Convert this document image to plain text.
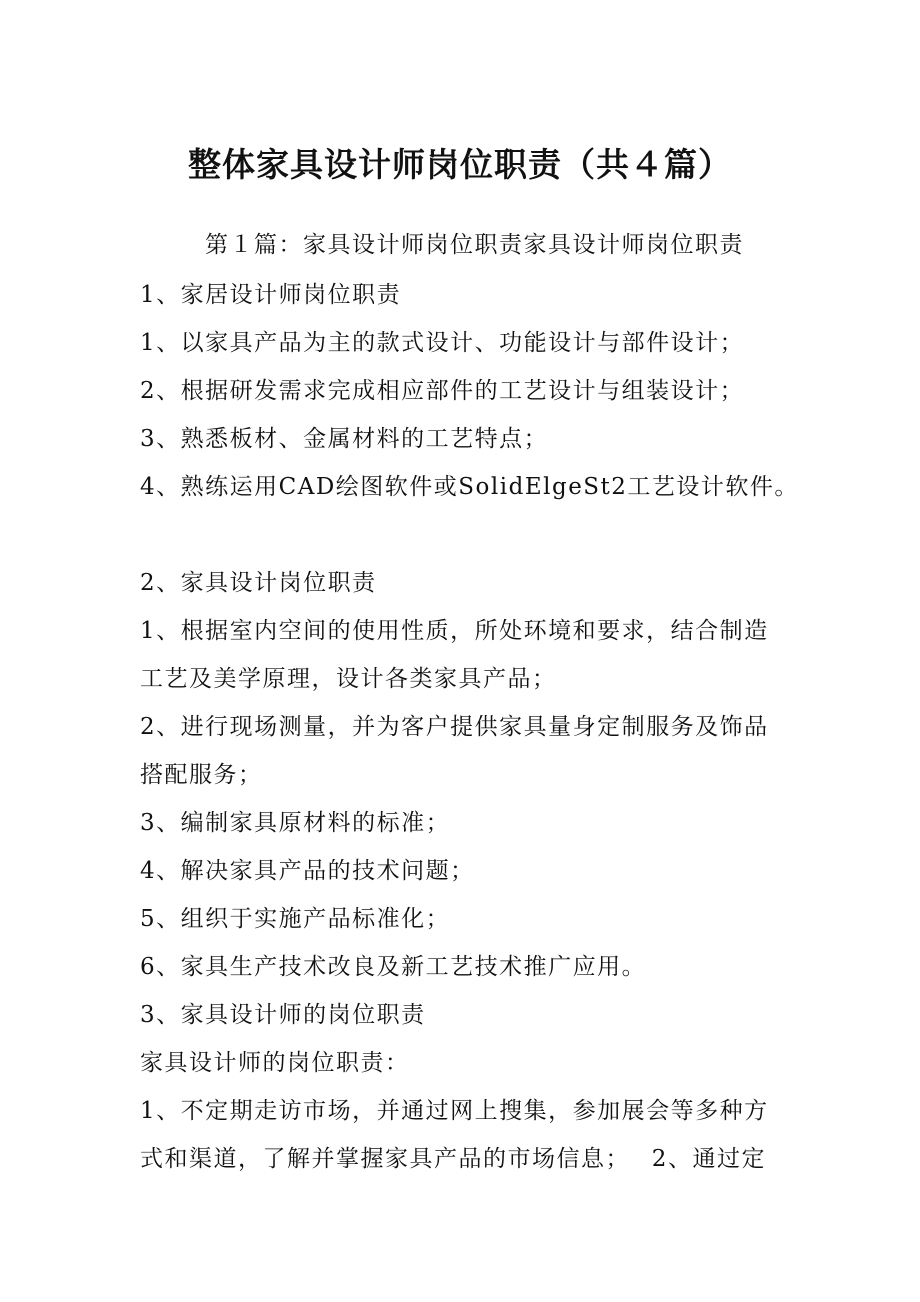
整体家具设计师岗位职责（共４篇）
第１篇：家具设计师岗位职责家具设计师岗位职责
1、家居设计师岗位职责
1、以家具产品为主的款式设计、功能设计与部件设计；
2、根据研发需求完成相应部件的工艺设计与组装设计；
3、熟悉板材、金属材料的工艺特点；
4、熟练运用CAD绘图软件或SolidElgeSt2工艺设计软件。
2、家具设计岗位职责
1、根据室内空间的使用性质，所处环境和要求，结合制造
工艺及美学原理，设计各类家具产品；
2、进行现场测量，并为客户提供家具量身定制服务及饰品
搭配服务；
3、编制家具原材料的标准；
4、解决家具产品的技术问题；
5、组织于实施产品标准化；
6、家具生产技术改良及新工艺技术推广应用。
3、家具设计师的岗位职责
家具设计师的岗位职责：
1、不定期走访市场，并通过网上搜集，参加展会等多种方
式和渠道，了解并掌握家具产品的市场信息；　 2、通过定
